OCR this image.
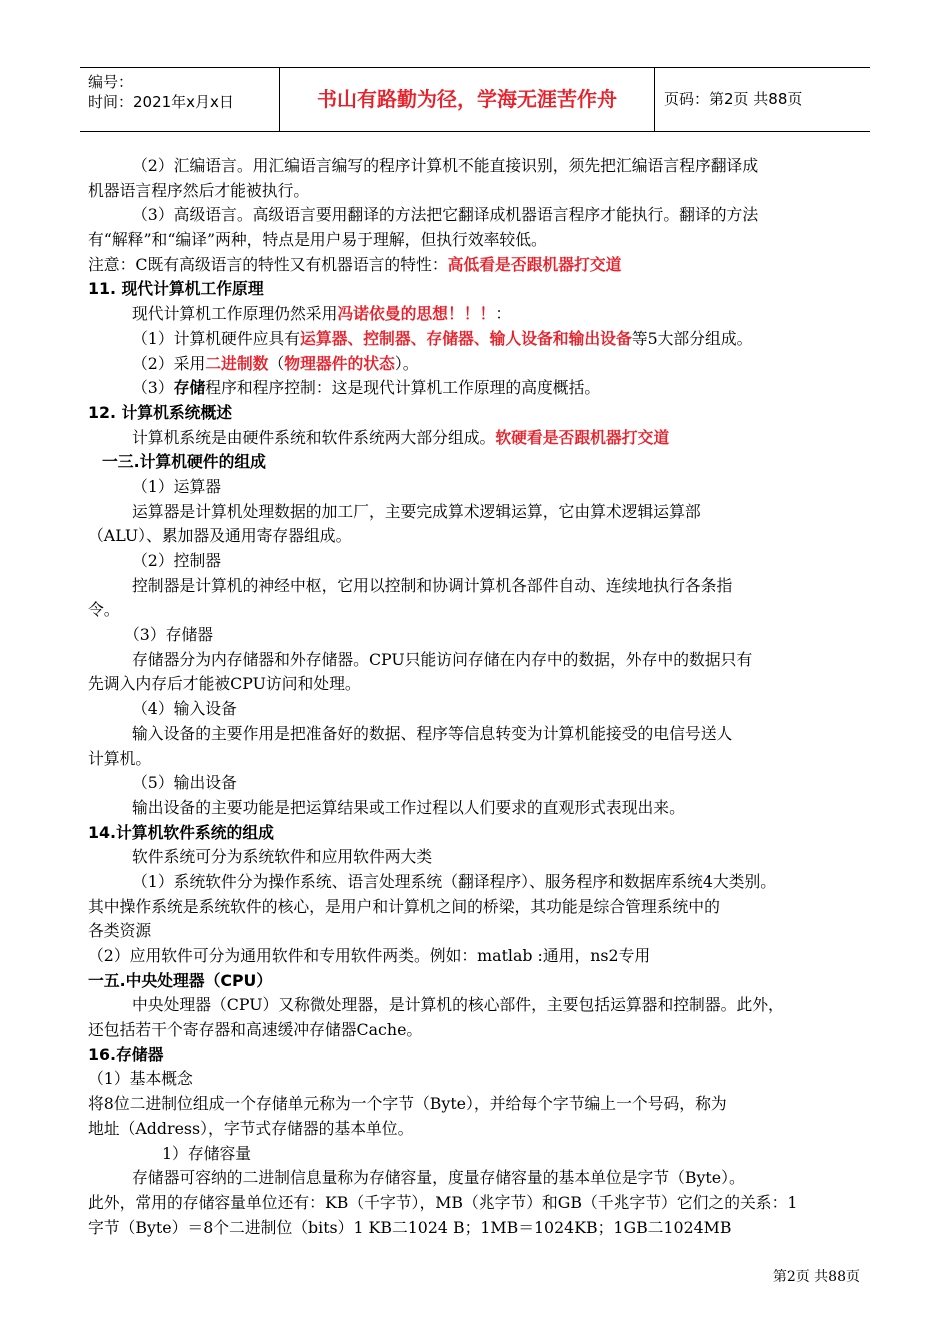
编号：
时间：2021年x月x日	书山有路勤为径，学海无涯苦作舟	页码：第2页 共88页
（2）汇编语言。用汇编语言编写的程序计算机不能直接识别，须先把汇编语言程序翻译成
机器语言程序然后才能被执行。
（3）高级语言。高级语言要用翻译的方法把它翻译成机器语言程序才能执行。翻译的方法
有“解释”和“编译”两种，特点是用户易于理解，但执行效率较低。
注意：C既有高级语言的特性又有机器语言的特性：高低看是否跟机器打交道
11. 现代计算机工作原理
现代计算机工作原理仍然采用冯诺依曼的思想！！！：
（1）计算机硬件应具有运算器、控制器、存储器、输人设备和输出设备等5大部分组成。
（2）采用二进制数（物理器件的状态）。
（3）存储程序和程序控制：这是现代计算机工作原理的高度概括。
12. 计算机系统概述
计算机系统是由硬件系统和软件系统两大部分组成。软硬看是否跟机器打交道
一三.计算机硬件的组成
（1）运算器
运算器是计算机处理数据的加工厂，主要完成算术逻辑运算，它由算术逻辑运算部
（ALU）、累加器及通用寄存器组成。
（2）控制器
控制器是计算机的神经中枢，它用以控制和协调计算机各部件自动、连续地执行各条指
令。
（3）存储器
存储器分为内存储器和外存储器。CPU只能访问存储在内存中的数据，外存中的数据只有
先调入内存后才能被CPU访问和处理。
（4）输入设备
输入设备的主要作用是把准备好的数据、程序等信息转变为计算机能接受的电信号送人
计算机。
（5）输出设备
输出设备的主要功能是把运算结果或工作过程以人们要求的直观形式表现出来。
14.计算机软件系统的组成
软件系统可分为系统软件和应用软件两大类
（1）系统软件分为操作系统、语言处理系统（翻译程序）、服务程序和数据库系统4大类别。
其中操作系统是系统软件的核心，是用户和计算机之间的桥梁，其功能是综合管理系统中的
各类资源
（2）应用软件可分为通用软件和专用软件两类。例如：matlab :通用，ns2专用
一五.中央处理器（CPU）
中央处理器（CPU）又称微处理器，是计算机的核心部件，主要包括运算器和控制器。此外，
还包括若干个寄存器和高速缓冲存储器Cache。
16.存储器
（1）基本概念
将8位二进制位组成一个存储单元称为一个字节（Byte），并给每个字节编上一个号码，称为
地址（Address），字节式存储器的基本单位。
1）存储容量
存储器可容纳的二进制信息量称为存储容量，度量存储容量的基本单位是字节（Byte）。
此外，常用的存储容量单位还有：KB（千字节），MB（兆字节）和GB（千兆字节）它们之的关系：1
字节（Byte）＝8个二进制位（bits）1 KB二1024 B；1MB＝1024KB；1GB二1024MB
第2页 共88页
